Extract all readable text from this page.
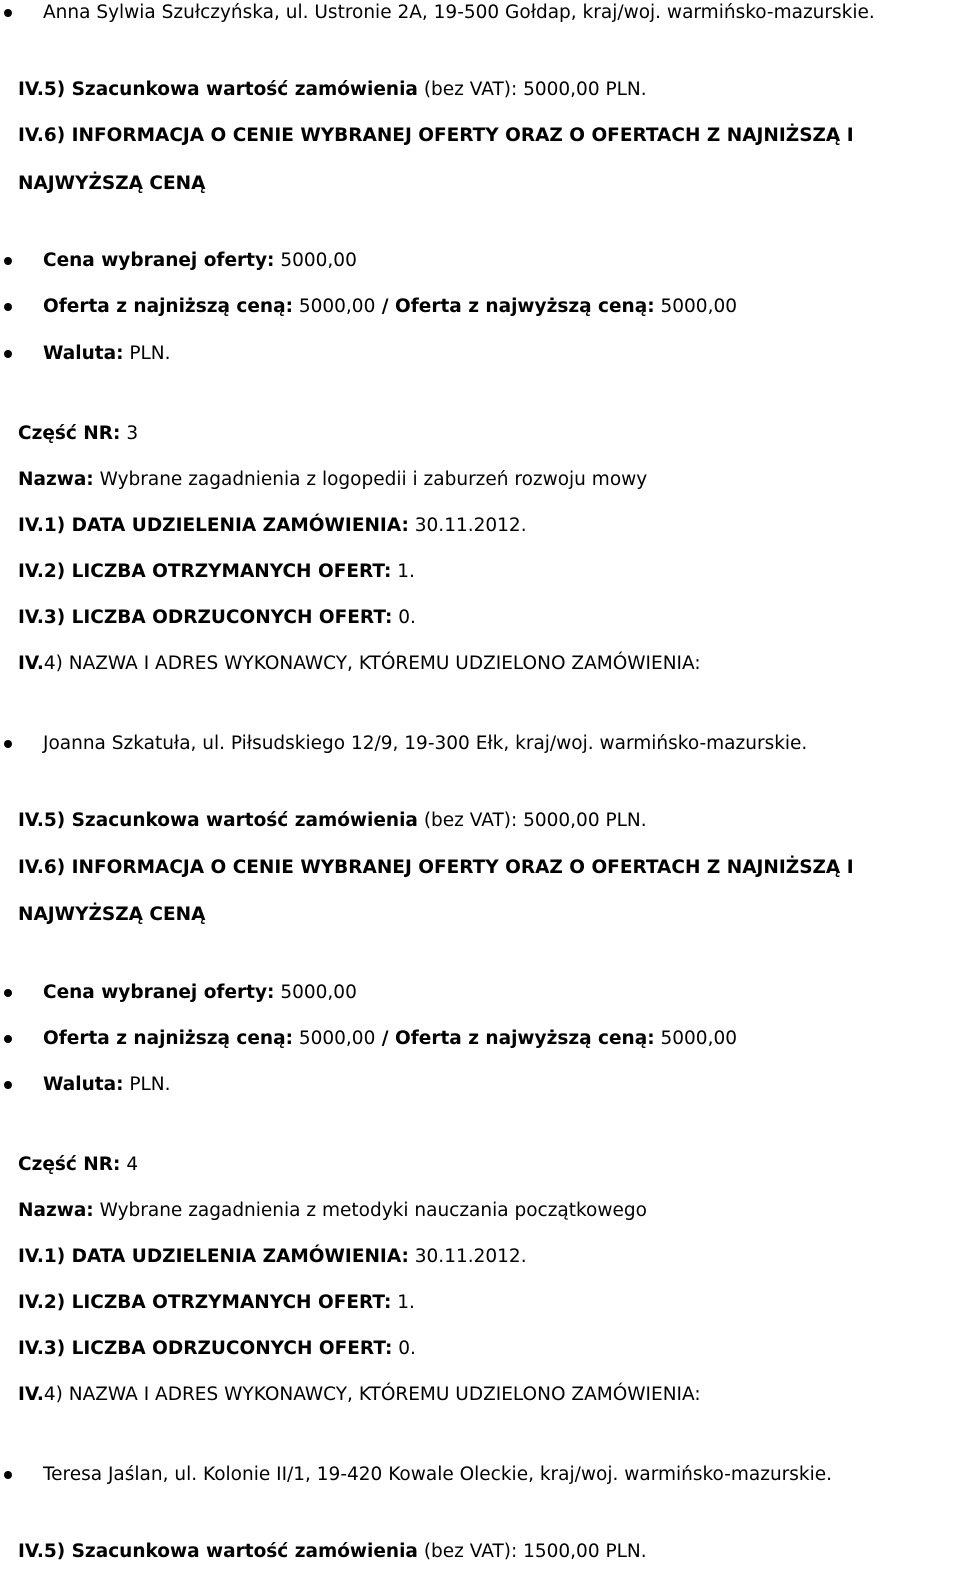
Anna Sylwia Szułczyńska, ul. Ustronie 2A, 19-500 Gołdap, kraj/woj. warmińsko-mazurskie.
IV.5) Szacunkowa wartość zamówienia (bez VAT): 5000,00 PLN.
IV.6) INFORMACJA O CENIE WYBRANEJ OFERTY ORAZ O OFERTACH Z NAJNIŻSZĄ I
NAJWYŻSZĄ CENĄ
Cena wybranej oferty: 5000,00
Oferta z najniższą ceną: 5000,00 / Oferta z najwyższą ceną: 5000,00
Waluta: PLN.
Część NR: 3
Nazwa: Wybrane zagadnienia z logopedii i zaburzeń rozwoju mowy
IV.1) DATA UDZIELENIA ZAMÓWIENIA: 30.11.2012.
IV.2) LICZBA OTRZYMANYCH OFERT: 1.
IV.3) LICZBA ODRZUCONYCH OFERT: 0.
IV.4) NAZWA I ADRES WYKONAWCY, KTÓREMU UDZIELONO ZAMÓWIENIA:
Joanna Szkatuła, ul. Piłsudskiego 12/9, 19-300 Ełk, kraj/woj. warmińsko-mazurskie.
IV.5) Szacunkowa wartość zamówienia (bez VAT): 5000,00 PLN.
IV.6) INFORMACJA O CENIE WYBRANEJ OFERTY ORAZ O OFERTACH Z NAJNIŻSZĄ I
NAJWYŻSZĄ CENĄ
Cena wybranej oferty: 5000,00
Oferta z najniższą ceną: 5000,00 / Oferta z najwyższą ceną: 5000,00
Waluta: PLN.
Część NR: 4
Nazwa: Wybrane zagadnienia z metodyki nauczania początkowego
IV.1) DATA UDZIELENIA ZAMÓWIENIA: 30.11.2012.
IV.2) LICZBA OTRZYMANYCH OFERT: 1.
IV.3) LICZBA ODRZUCONYCH OFERT: 0.
IV.4) NAZWA I ADRES WYKONAWCY, KTÓREMU UDZIELONO ZAMÓWIENIA:
Teresa Jaślan, ul. Kolonie II/1, 19-420 Kowale Oleckie, kraj/woj. warmińsko-mazurskie.
IV.5) Szacunkowa wartość zamówienia (bez VAT): 1500,00 PLN.
